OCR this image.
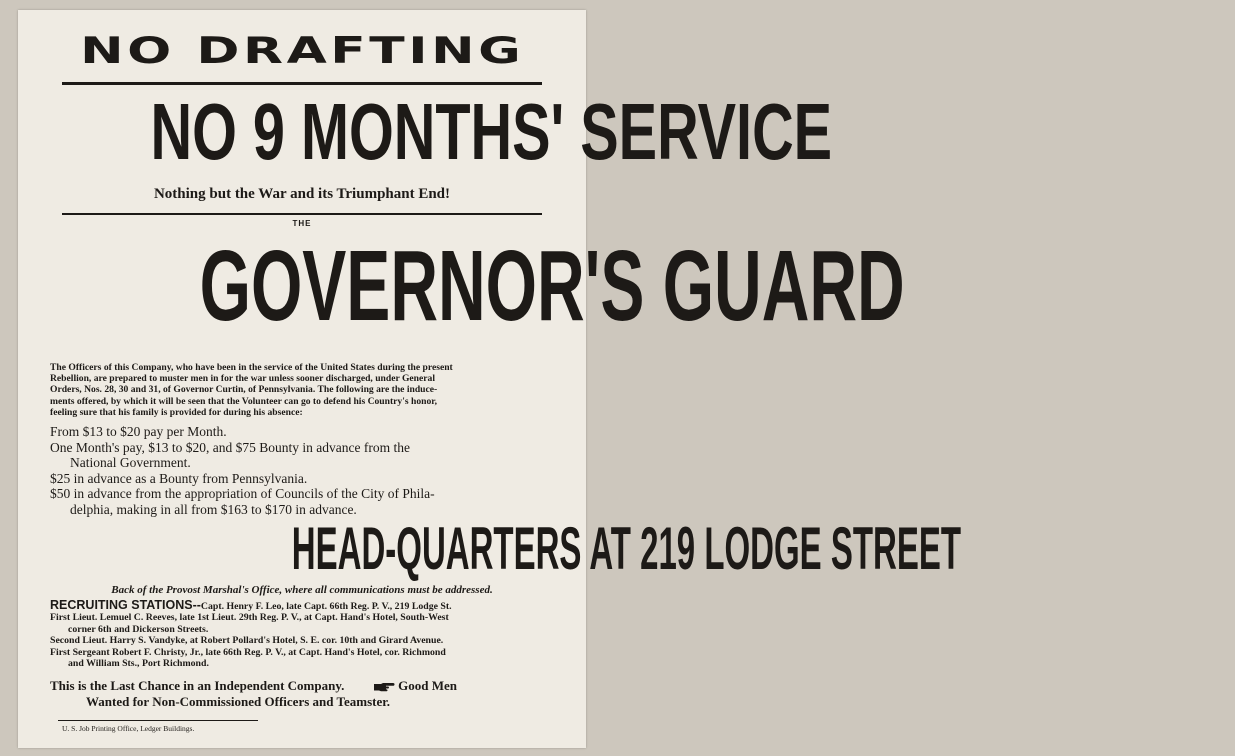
NO DRAFTING
NO 9 MONTHS' SERVICE
Nothing but the War and its Triumphant End!
THE
GOVERNOR'S GUARD
The Officers of this Company, who have been in the service of the United States during the present
Rebellion, are prepared to muster men in for the war unless sooner discharged, under General
Orders, Nos. 28, 30 and 31, of Governor Curtin, of Pennsylvania. The following are the induce-
ments offered, by which it will be seen that the Volunteer can go to defend his Country's honor,
feeling sure that his family is provided for during his absence:
From $13 to $20 pay per Month.
One Month's pay, $13 to $20, and $75 Bounty in advance from the
National Government.
$25 in advance as a Bounty from Pennsylvania.
$50 in advance from the appropriation of Councils of the City of Phila-
delphia, making in all from $163 to $170 in advance.
HEAD-QUARTERS AT 219 LODGE STREET
Back of the Provost Marshal's Office, where all communications must be addressed.
RECRUITING STATIONS--Capt. Henry F. Leo, late Capt. 66th Reg. P. V., 219 Lodge St.
First Lieut. Lemuel C. Reeves, late 1st Lieut. 29th Reg. P. V., at Capt. Hand's Hotel, South-West
corner 6th and Dickerson Streets.
Second Lieut. Harry S. Vandyke, at Robert Pollard's Hotel, S. E. cor. 10th and Girard Avenue.
First Sergeant Robert F. Christy, Jr., late 66th Reg. P. V., at Capt. Hand's Hotel, cor. Richmond
and William Sts., Port Richmond.
This is the Last Chance in an Independent Company.	Good Men
Wanted for Non-Commissioned Officers and Teamster.
U. S. Job Printing Office, Ledger Buildings.
